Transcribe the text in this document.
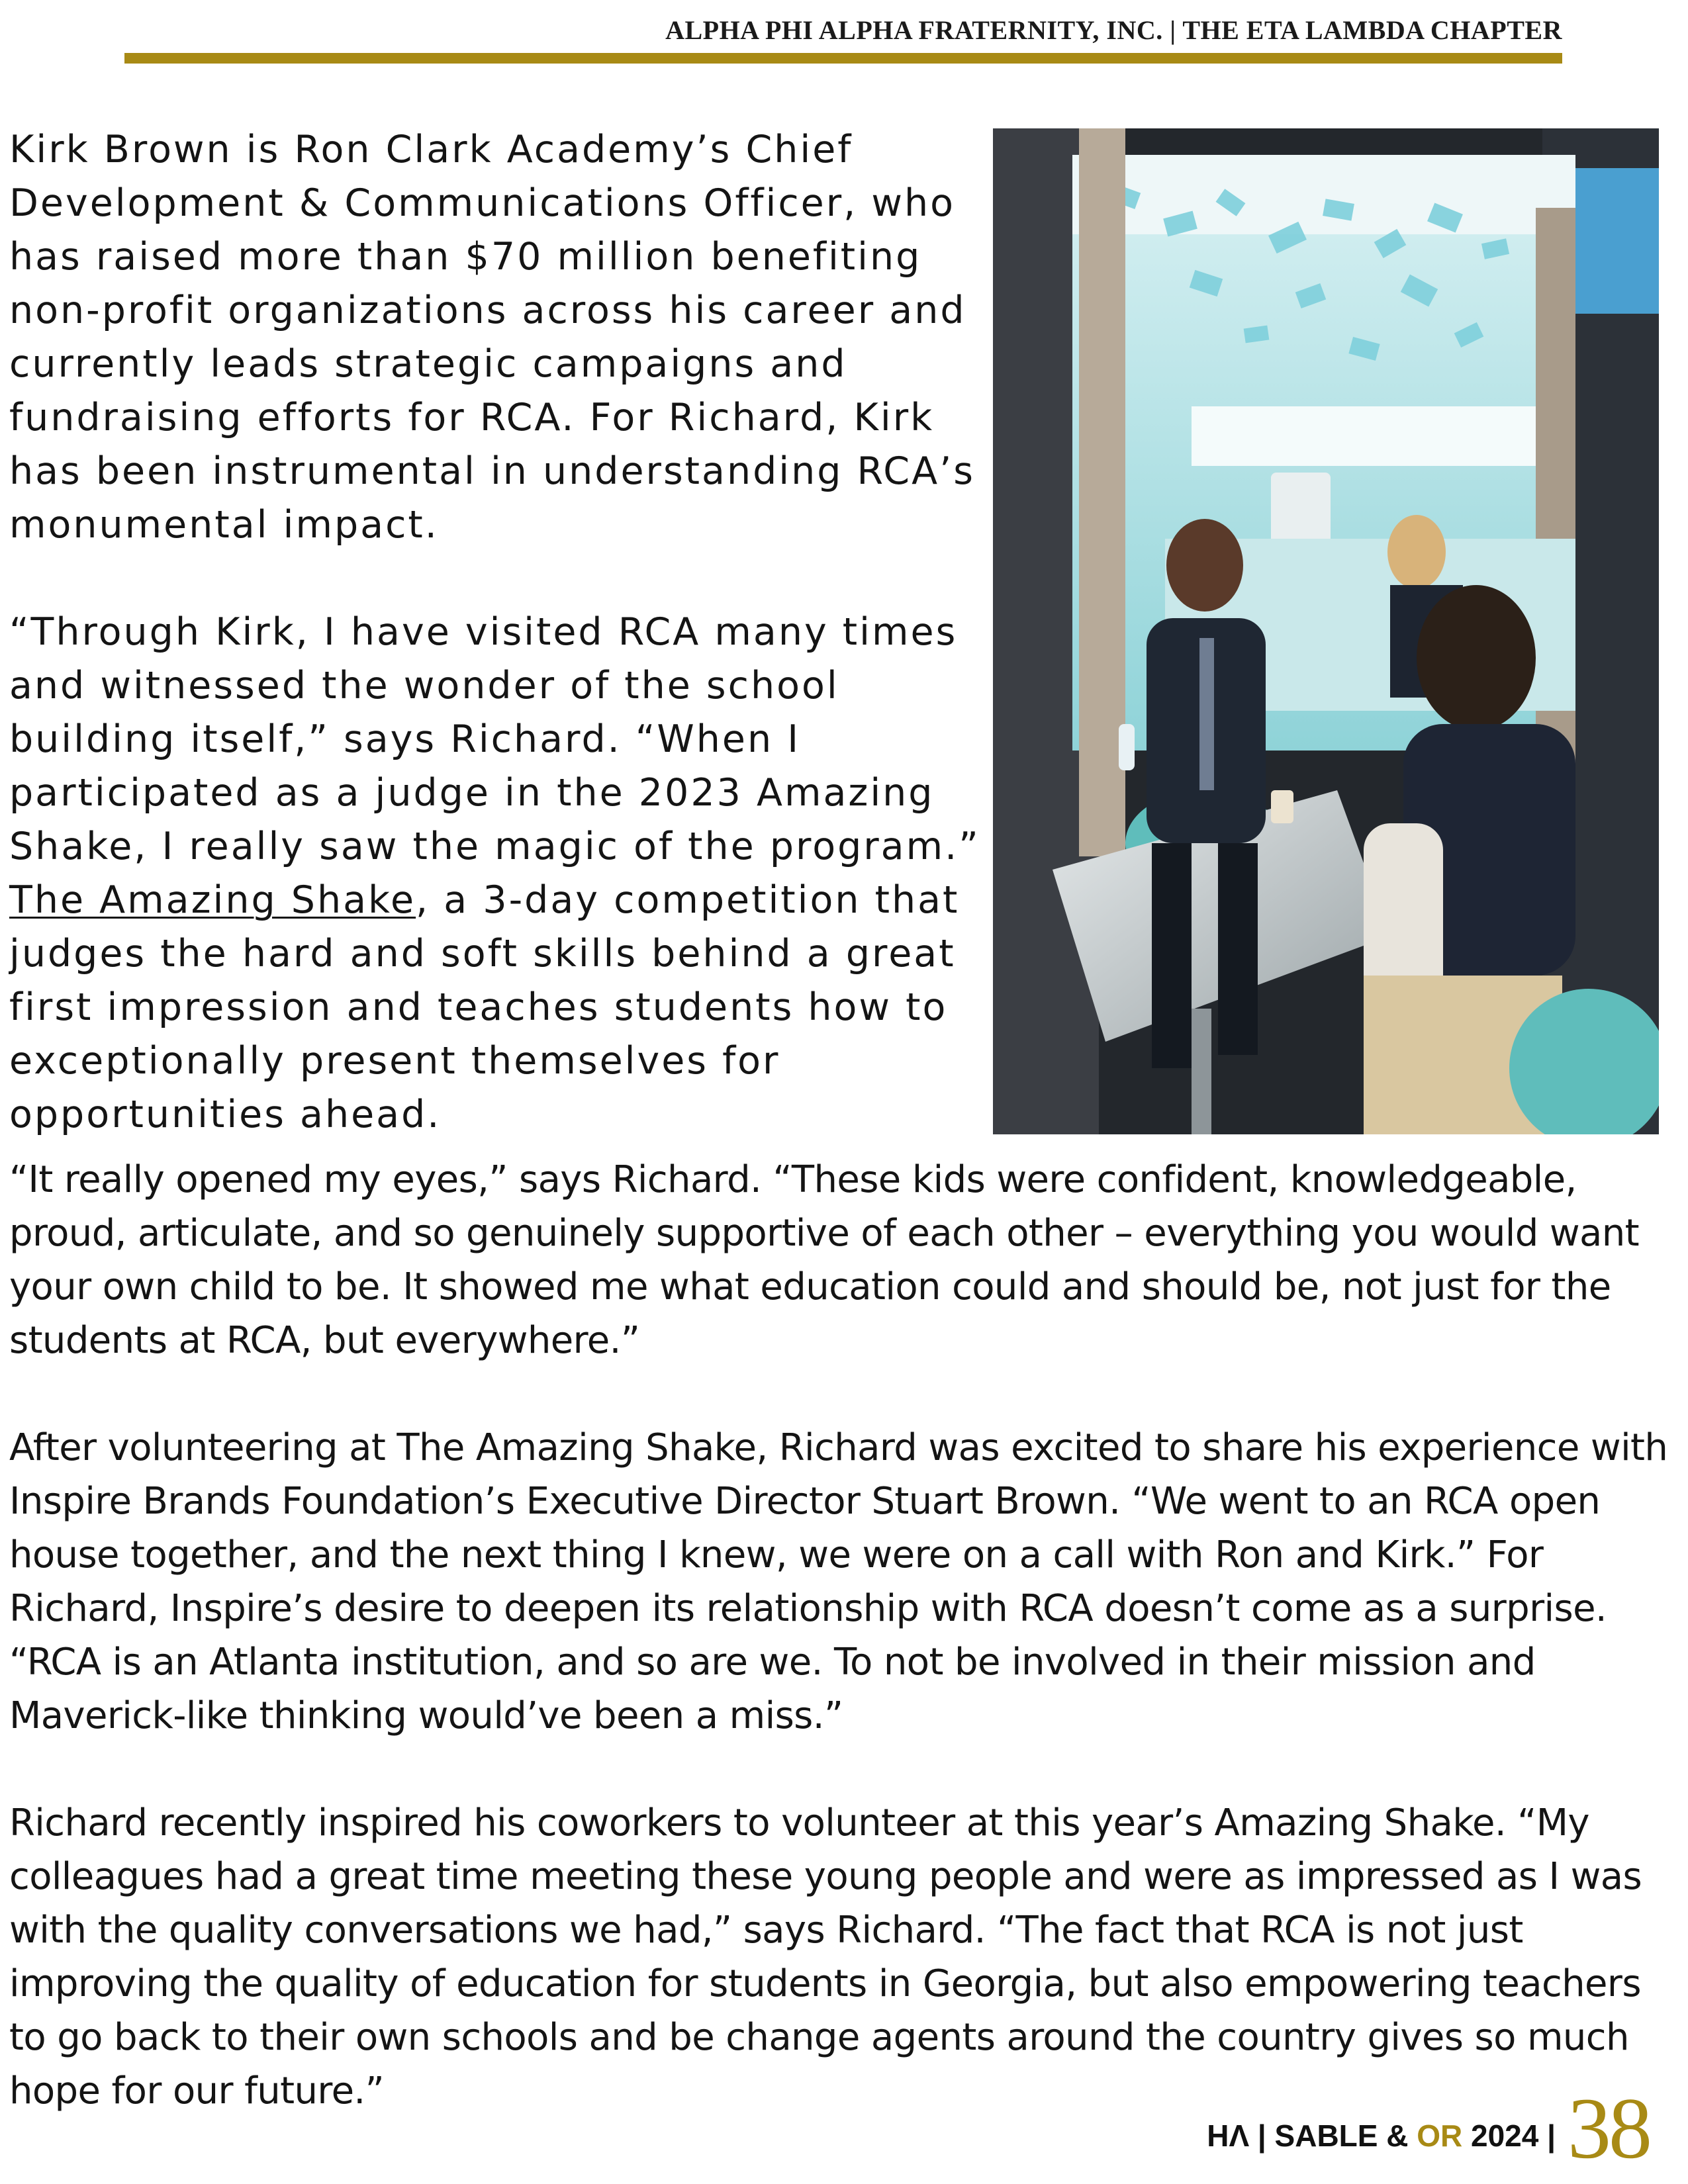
ALPHA PHI ALPHA FRATERNITY, INC. | THE ETA LAMBDA CHAPTER

Kirk Brown is Ron Clark Academy’s Chief Development & Communications Officer, who has raised more than $70 million benefiting non-profit organizations across his career and currently leads strategic campaigns and fundraising efforts for RCA. For Richard, Kirk has been instrumental in understanding RCA’s monumental impact.

“Through Kirk, I have visited RCA many times and witnessed the wonder of the school building itself,” says Richard. “When I participated as a judge in the 2023 Amazing Shake, I really saw the magic of the program.” The Amazing Shake, a 3-day competition that judges the hard and soft skills behind a great first impression and teaches students how to exceptionally present themselves for opportunities ahead.

“It really opened my eyes,” says Richard. “These kids were confident, knowledgeable, proud, articulate, and so genuinely supportive of each other – everything you would want your own child to be. It showed me what education could and should be, not just for the students at RCA, but everywhere.”

After volunteering at The Amazing Shake, Richard was excited to share his experience with Inspire Brands Foundation’s Executive Director Stuart Brown. “We went to an RCA open house together, and the next thing I knew, we were on a call with Ron and Kirk.” For Richard, Inspire’s desire to deepen its relationship with RCA doesn’t come as a surprise. “RCA is an Atlanta institution, and so are we. To not be involved in their mission and Maverick-like thinking would’ve been a miss.”

Richard recently inspired his coworkers to volunteer at this year’s Amazing Shake. “My colleagues had a great time meeting these young people and were as impressed as I was with the quality conversations we had,” says Richard. “The fact that RCA is not just improving the quality of education for students in Georgia, but also empowering teachers to go back to their own schools and be change agents around the country gives so much hope for our future.”

HΛ | SABLE & OR 2024 | 38
